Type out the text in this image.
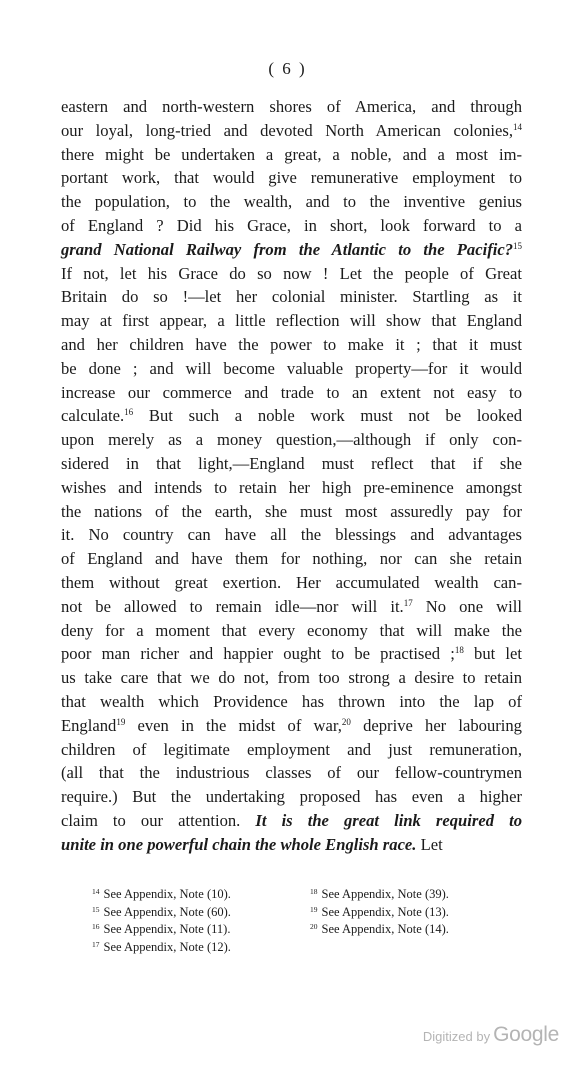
( 6 )
eastern and north-western shores of America, and through
our loyal, long-tried and devoted North American colonies,$^{14}$
there might be undertaken a great, a noble, and a most im-
portant work, that would give remunerative employment to
the population, to the wealth, and to the inventive genius
of England ? Did his Grace, in short, look forward to a
grand National Railway from the Atlantic to the Pacific?$^{15}$
If not, let his Grace do so now ! Let the people of Great
Britain do so !—let her colonial minister. Startling as it
may at first appear, a little reflection will show that England
and her children have the power to make it ; that it must
be done ; and will become valuable property—for it would
increase our commerce and trade to an extent not easy to
calculate.$^{16}$ But such a noble work must not be looked
upon merely as a money question,—although if only con-
sidered in that light,—England must reflect that if she
wishes and intends to retain her high pre-eminence amongst
the nations of the earth, she must most assuredly pay for
it. No country can have all the blessings and advantages
of England and have them for nothing, nor can she retain
them without great exertion. Her accumulated wealth can-
not be allowed to remain idle—nor will it.$^{17}$ No one will
deny for a moment that every economy that will make the
poor man richer and happier ought to be practised ;$^{18}$ but let
us take care that we do not, from too strong a desire to retain
that wealth which Providence has thrown into the lap of
England$^{19}$ even in the midst of war,$^{20}$ deprive her labouring
children of legitimate employment and just remuneration,
(all that the industrious classes of our fellow-countrymen
require.) But the undertaking proposed has even a higher
claim to our attention. It is the great link required to
unite in one powerful chain the whole English race. Let
$^{14}$ See Appendix, Note (10).
$^{15}$ See Appendix, Note (60).
$^{16}$ See Appendix, Note (11).
$^{17}$ See Appendix, Note (12).
$^{18}$ See Appendix, Note (39).
$^{19}$ See Appendix, Note (13).
$^{20}$ See Appendix, Note (14).
Digitized by Google
